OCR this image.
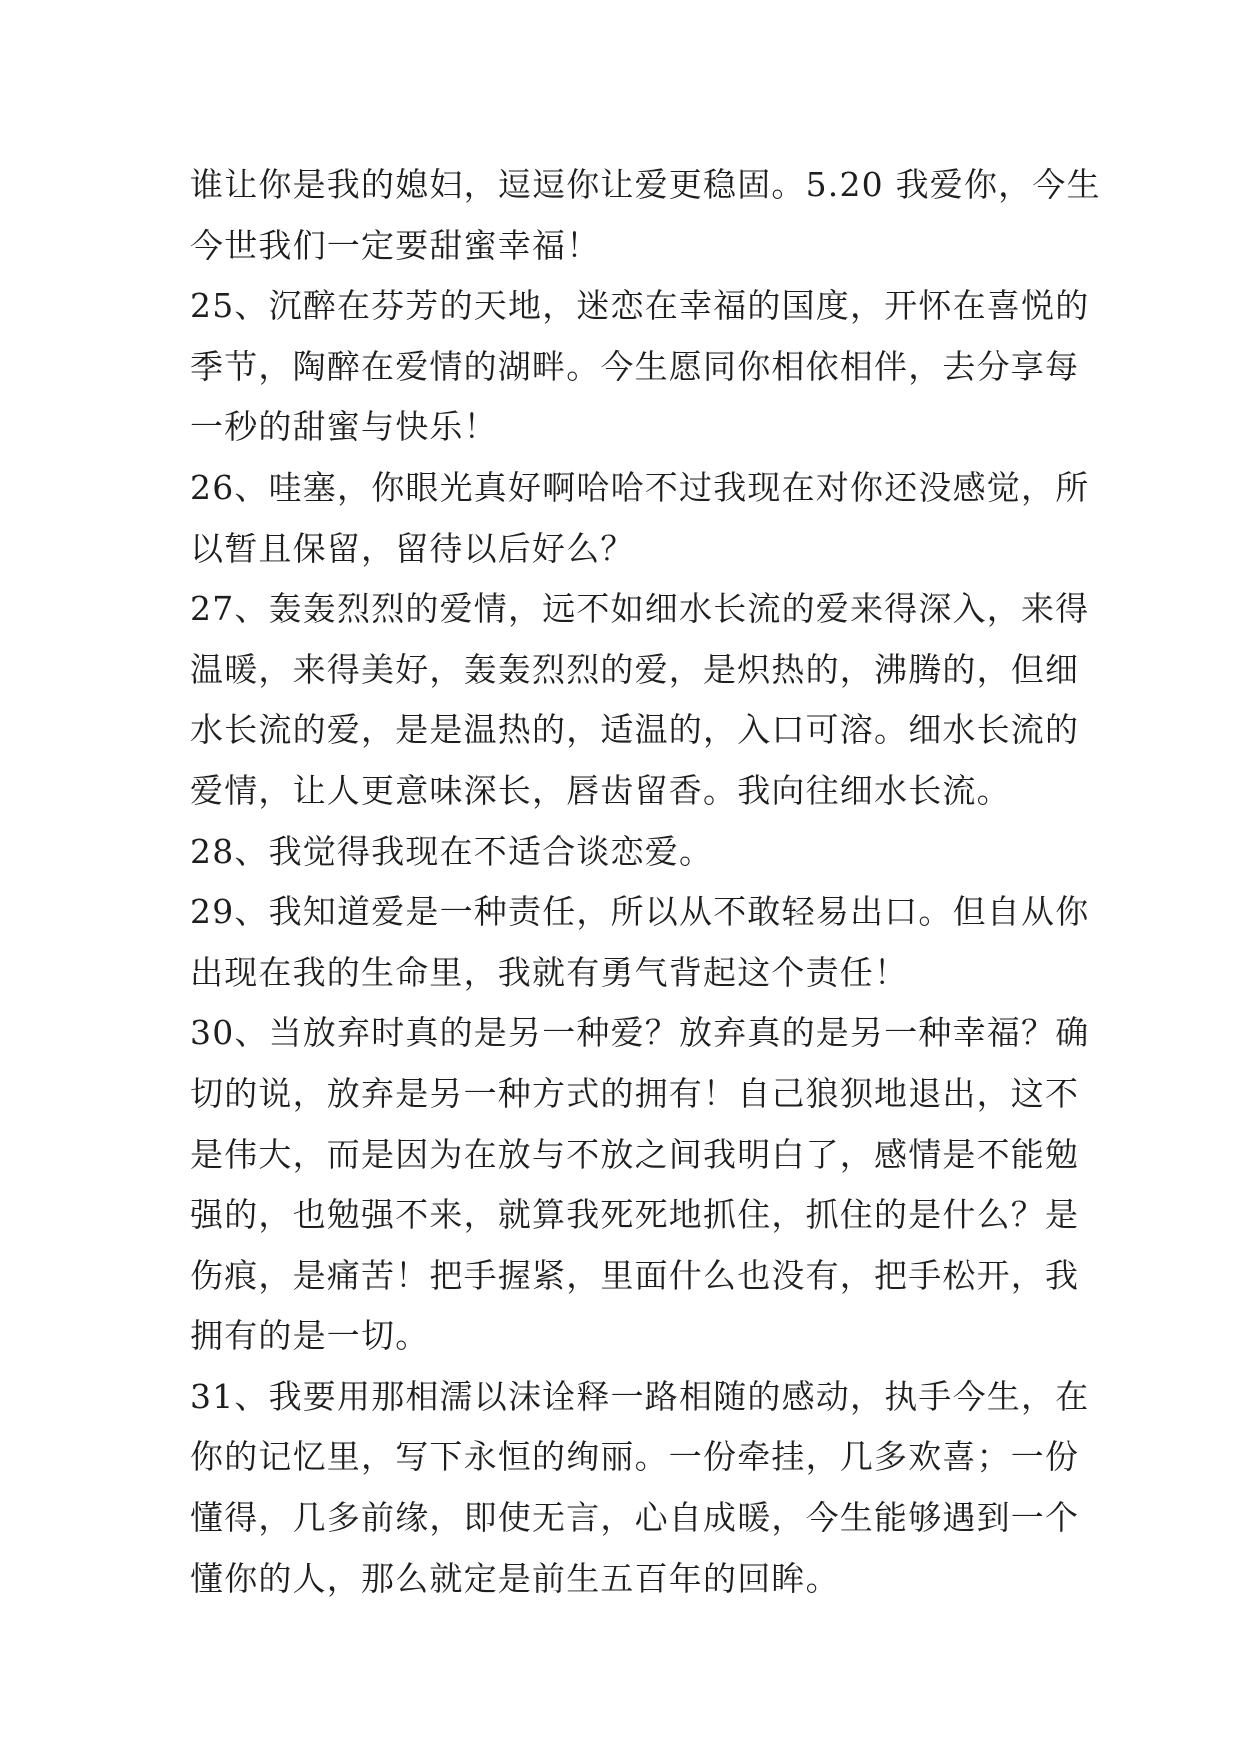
谁让你是我的媳妇，逗逗你让爱更稳固。5.20 我爱你，今生
今世我们一定要甜蜜幸福！

25、沉醉在芬芳的天地，迷恋在幸福的国度，开怀在喜悦的
季节，陶醉在爱情的湖畔。今生愿同你相依相伴，去分享每
一秒的甜蜜与快乐！

26、哇塞，你眼光真好啊哈哈不过我现在对你还没感觉，所
以暂且保留，留待以后好么？

27、轰轰烈烈的爱情，远不如细水长流的爱来得深入，来得
温暖，来得美好，轰轰烈烈的爱，是炽热的，沸腾的，但细
水长流的爱，是是温热的，适温的，入口可溶。细水长流的
爱情，让人更意味深长，唇齿留香。我向往细水长流。

28、我觉得我现在不适合谈恋爱。

29、我知道爱是一种责任，所以从不敢轻易出口。但自从你
出现在我的生命里，我就有勇气背起这个责任！

30、当放弃时真的是另一种爱？放弃真的是另一种幸福？确
切的说，放弃是另一种方式的拥有！自己狼狈地退出，这不
是伟大，而是因为在放与不放之间我明白了，感情是不能勉
强的，也勉强不来，就算我死死地抓住，抓住的是什么？是
伤痕，是痛苦！把手握紧，里面什么也没有，把手松开，我
拥有的是一切。

31、我要用那相濡以沫诠释一路相随的感动，执手今生，在
你的记忆里，写下永恒的绚丽。一份牵挂，几多欢喜；一份
懂得，几多前缘，即使无言，心自成暖，今生能够遇到一个
懂你的人，那么就定是前生五百年的回眸。
